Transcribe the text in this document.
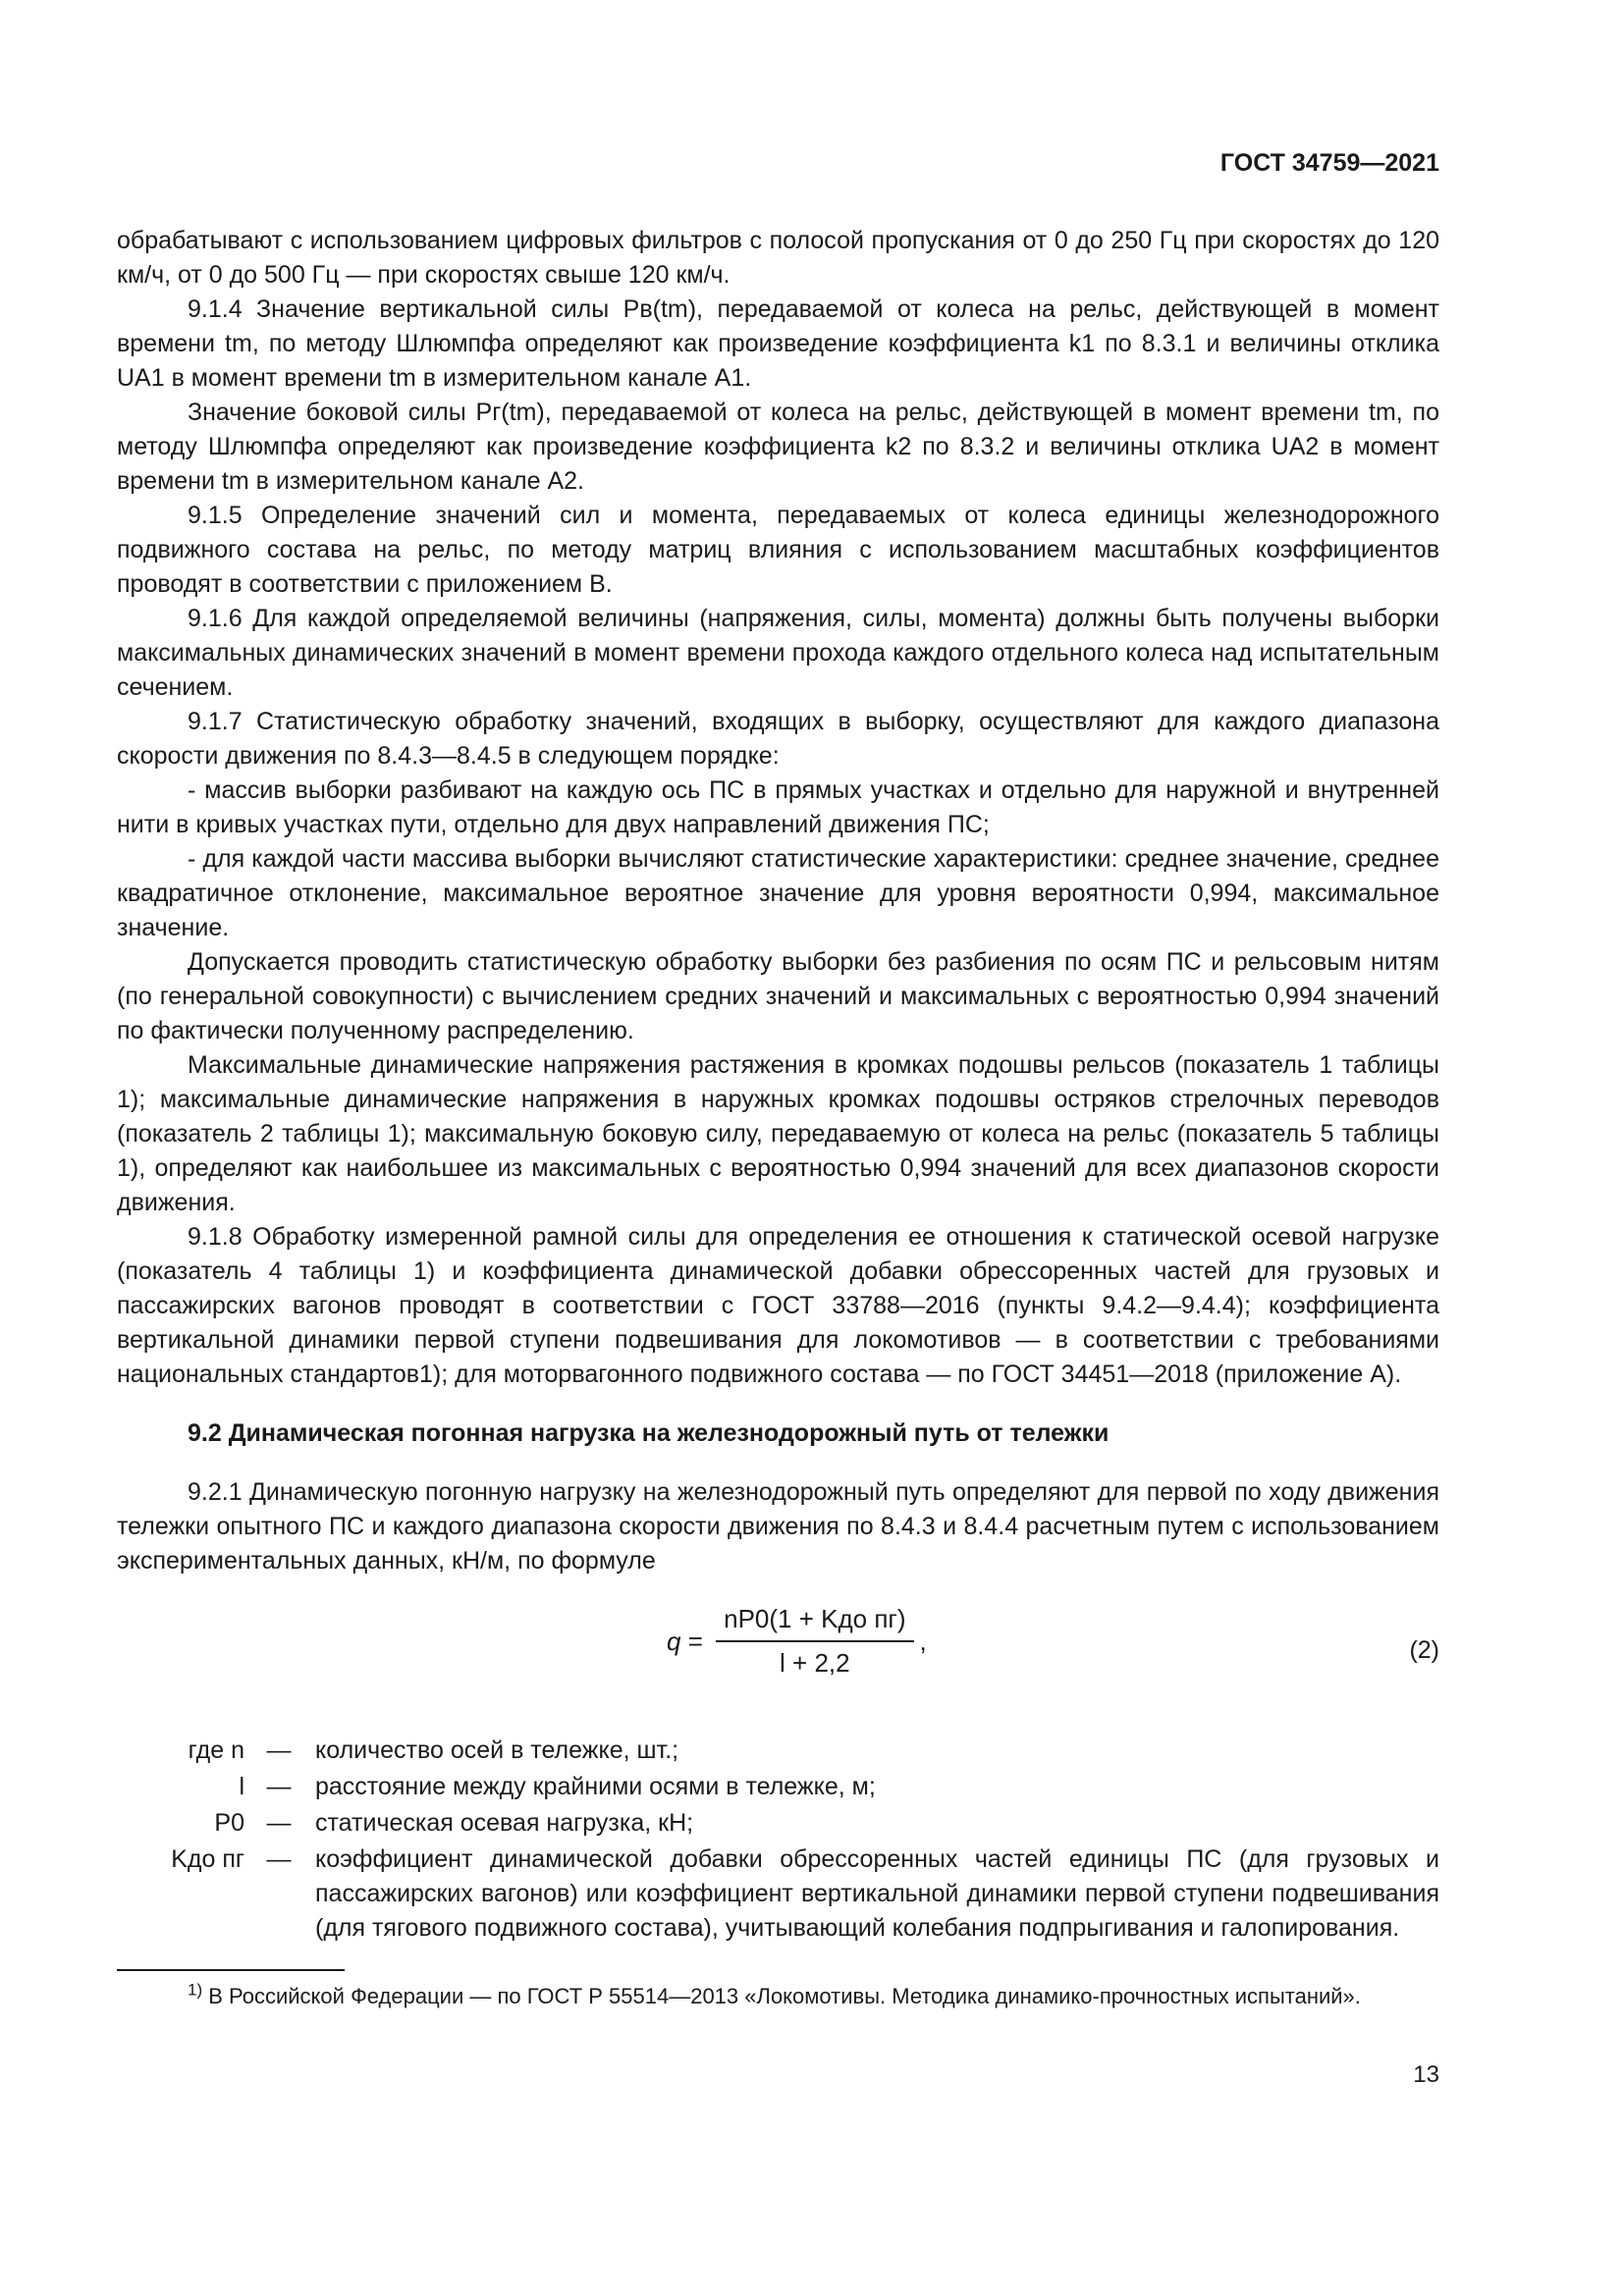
ГОСТ 34759—2021

обрабатывают с использованием цифровых фильтров с полосой пропускания от 0 до 250 Гц при скоростях до 120 км/ч, от 0 до 500 Гц — при скоростях свыше 120 км/ч.

9.1.4 Значение вертикальной силы Pв(tm), передаваемой от колеса на рельс, действующей в момент времени tm, по методу Шлюмпфа определяют как произведение коэффициента k1 по 8.3.1 и величины отклика UA1 в момент времени tm в измерительном канале A1.

Значение боковой силы Pг(tm), передаваемой от колеса на рельс, действующей в момент времени tm, по методу Шлюмпфа определяют как произведение коэффициента k2 по 8.3.2 и величины отклика UA2 в момент времени tm в измерительном канале A2.

9.1.5 Определение значений сил и момента, передаваемых от колеса единицы железнодорожного подвижного состава на рельс, по методу матриц влияния с использованием масштабных коэффициентов проводят в соответствии с приложением В.

9.1.6 Для каждой определяемой величины (напряжения, силы, момента) должны быть получены выборки максимальных динамических значений в момент времени прохода каждого отдельного колеса над испытательным сечением.

9.1.7 Статистическую обработку значений, входящих в выборку, осуществляют для каждого диапазона скорости движения по 8.4.3—8.4.5 в следующем порядке:

- массив выборки разбивают на каждую ось ПС в прямых участках и отдельно для наружной и внутренней нити в кривых участках пути, отдельно для двух направлений движения ПС;

- для каждой части массива выборки вычисляют статистические характеристики: среднее значение, среднее квадратичное отклонение, максимальное вероятное значение для уровня вероятности 0,994, максимальное значение.

Допускается проводить статистическую обработку выборки без разбиения по осям ПС и рельсовым нитям (по генеральной совокупности) с вычислением средних значений и максимальных с вероятностью 0,994 значений по фактически полученному распределению.

Максимальные динамические напряжения растяжения в кромках подошвы рельсов (показатель 1 таблицы 1); максимальные динамические напряжения в наружных кромках подошвы остряков стрелочных переводов (показатель 2 таблицы 1); максимальную боковую силу, передаваемую от колеса на рельс (показатель 5 таблицы 1), определяют как наибольшее из максимальных с вероятностью 0,994 значений для всех диапазонов скорости движения.

9.1.8 Обработку измеренной рамной силы для определения ее отношения к статической осевой нагрузке (показатель 4 таблицы 1) и коэффициента динамической добавки обрессоренных частей для грузовых и пассажирских вагонов проводят в соответствии с ГОСТ 33788—2016 (пункты 9.4.2—9.4.4); коэффициента вертикальной динамики первой ступени подвешивания для локомотивов — в соответствии с требованиями национальных стандартов1); для моторвагонного подвижного состава — по ГОСТ 34451—2018 (приложение А).

9.2 Динамическая погонная нагрузка на железнодорожный путь от тележки

9.2.1 Динамическую погонную нагрузку на железнодорожный путь определяют для первой по ходу движения тележки опытного ПС и каждого диапазона скорости движения по 8.4.3 и 8.4.4 расчетным путем с использованием экспериментальных данных, кН/м, по формуле

$q = \frac{\text{nP0(1 + Kдо пг)}}{l + 2,2}$ ,	(2)
где n	—	количество осей в тележке, шт.;
l	—	расстояние между крайними осями в тележке, м;
P0	—	статическая осевая нагрузка, кН;
Kдо пг	—	коэффициент динамической добавки обрессоренных частей единицы ПС (для грузовых и пассажирских вагонов) или коэффициент вертикальной динамики первой ступени подвешивания (для тягового подвижного состава), учитывающий колебания подпрыгивания и галопирования.
$^{1)}$ В Российской Федерации — по ГОСТ Р 55514—2013 «Локомотивы. Методика динамико-прочностных испытаний».
13
